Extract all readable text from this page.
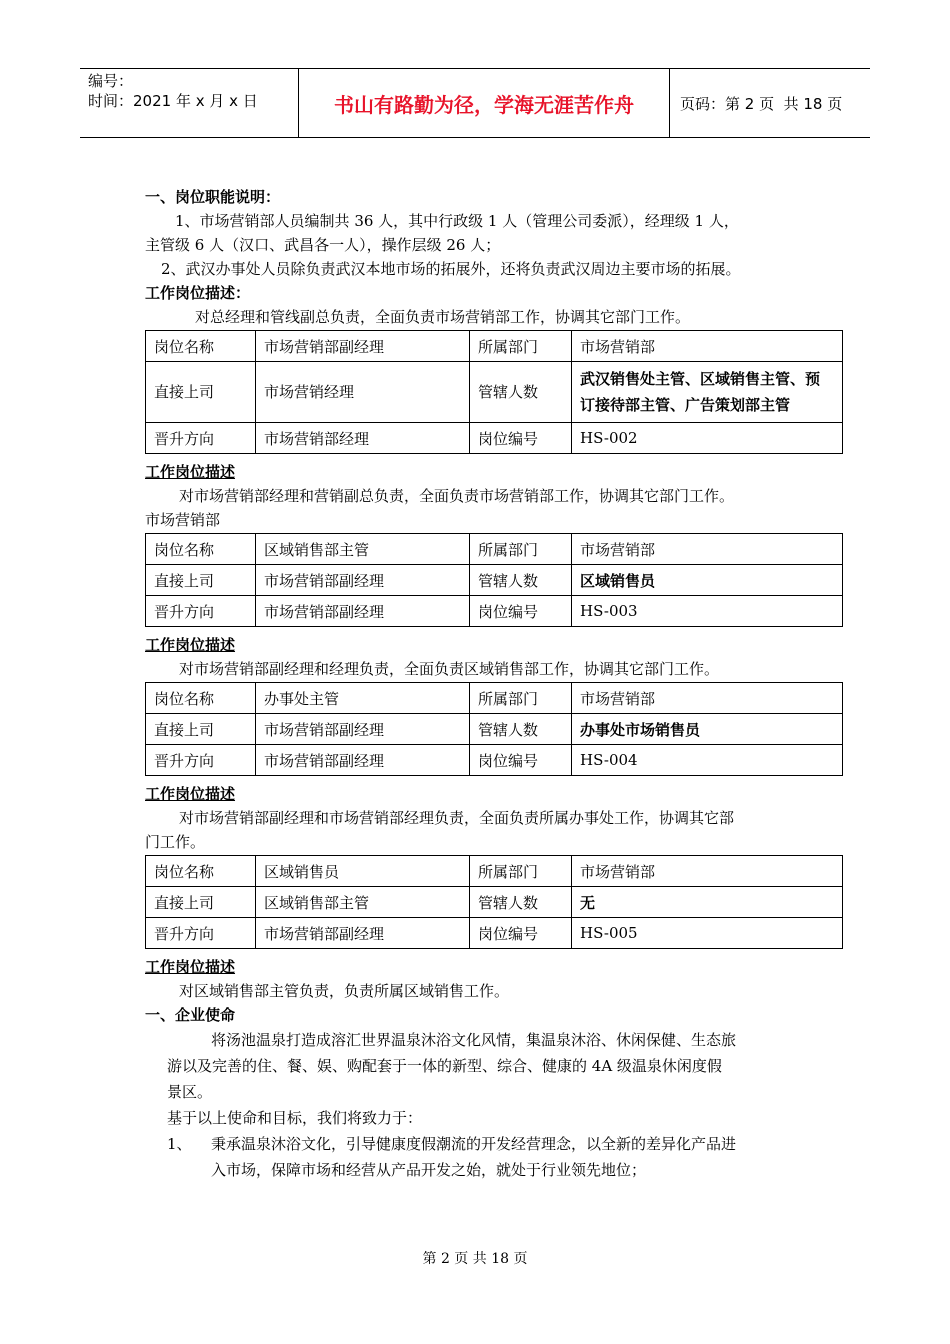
编号：
时间：2021 年 x 月 x 日	书山有路勤为径，学海无涯苦作舟	页码：第 2 页  共 18 页
一、岗位职能说明：
1、市场营销部人员编制共 36 人，其中行政级 1 人（管理公司委派），经理级 1 人，
主管级 6 人（汉口、武昌各一人），操作层级 26 人；
2、武汉办事处人员除负责武汉本地市场的拓展外，还将负责武汉周边主要市场的拓展。
工作岗位描述：
对总经理和管线副总负责，全面负责市场营销部工作，协调其它部门工作。
岗位名称	市场营销部副经理	所属部门	市场营销部
直接上司	市场营销经理	管辖人数	武汉销售处主管、区域销售主管、预订接待部主管、广告策划部主管
晋升方向	市场营销部经理	岗位编号	HS-002
工作岗位描述
对市场营销部经理和营销副总负责，全面负责市场营销部工作，协调其它部门工作。
市场营销部
岗位名称	区域销售部主管	所属部门	市场营销部
直接上司	市场营销部副经理	管辖人数	区域销售员
晋升方向	市场营销部副经理	岗位编号	HS-003
工作岗位描述
对市场营销部副经理和经理负责，全面负责区域销售部工作，协调其它部门工作。
岗位名称	办事处主管	所属部门	市场营销部
直接上司	市场营销部副经理	管辖人数	办事处市场销售员
晋升方向	市场营销部副经理	岗位编号	HS-004
工作岗位描述
对市场营销部副经理和市场营销部经理负责，全面负责所属办事处工作，协调其它部
门工作。
岗位名称	区域销售员	所属部门	市场营销部
直接上司	区域销售部主管	管辖人数	无
晋升方向	市场营销部副经理	岗位编号	HS-005
工作岗位描述
对区域销售部主管负责，负责所属区域销售工作。
一、企业使命
将汤池温泉打造成溶汇世界温泉沐浴文化风情，集温泉沐浴、休闲保健、生态旅
游以及完善的住、餐、娱、购配套于一体的新型、综合、健康的 4A 级温泉休闲度假
景区。
基于以上使命和目标，我们将致力于：
1、	秉承温泉沐浴文化，引导健康度假潮流的开发经营理念，以全新的差异化产品进
入市场，保障市场和经营从产品开发之始，就处于行业领先地位；
第 2 页 共 18 页
